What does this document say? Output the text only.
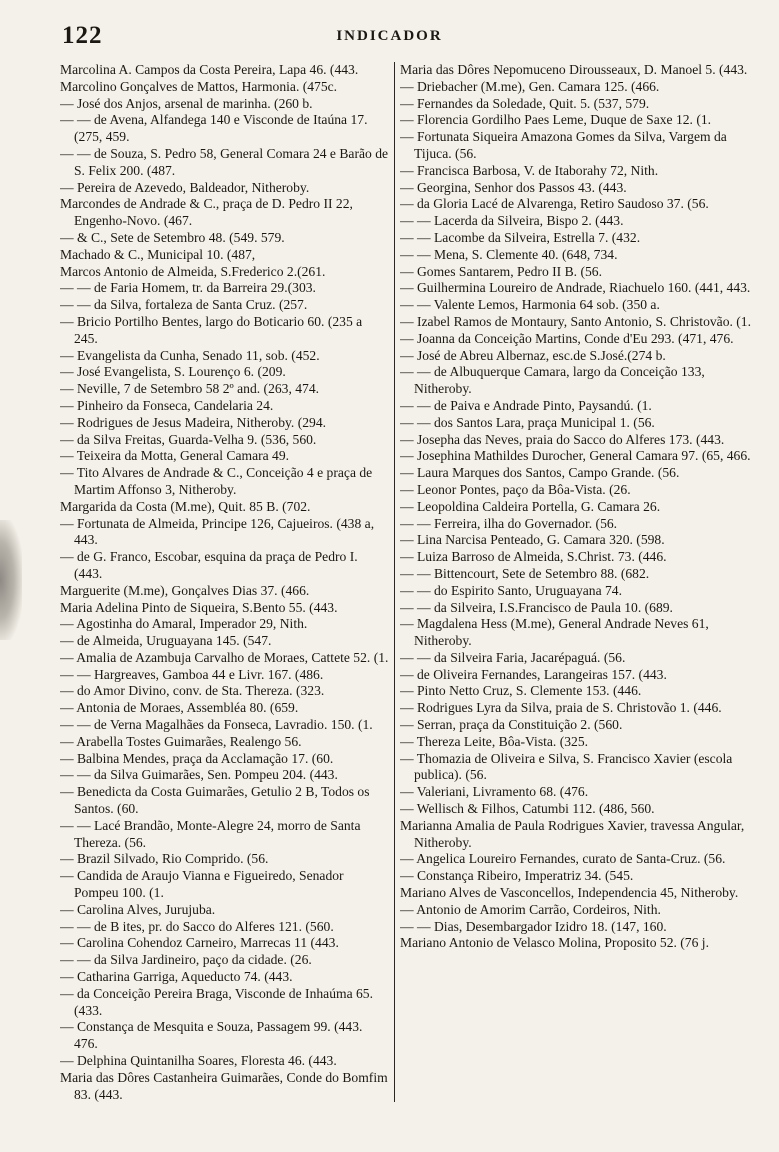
122	INDICADOR
Marcolina A. Campos da Costa Pereira, Lapa 46. (443.
Marcolino Gonçalves de Mattos, Harmonia. (475c.
— José dos Anjos, arsenal de marinha. (260 b.
— — de Avena, Alfandega 140 e Visconde de Itaúna 17. (275, 459.
— — de Souza, S. Pedro 58, General Comara 24 e Barão de S. Felix 200. (487.
— Pereira de Azevedo, Baldeador, Nitheroby.
Marcondes de Andrade & C., praça de D. Pedro II 22, Engenho-Novo. (467.
— & C., Sete de Setembro 48. (549. 579.
Machado & C., Municipal 10. (487,
Marcos Antonio de Almeida, S.Frederico 2.(261.
— — de Faria Homem, tr. da Barreira 29.(303.
— — da Silva, fortaleza de Santa Cruz. (257.
— Bricio Portilho Bentes, largo do Boticario 60. (235 a 245.
— Evangelista da Cunha, Senado 11, sob. (452.
— José Evangelista, S. Lourenço 6. (209.
— Neville, 7 de Setembro 58 2º and. (263, 474.
— Pinheiro da Fonseca, Candelaria 24.
— Rodrigues de Jesus Madeira, Nitheroby. (294.
— da Silva Freitas, Guarda-Velha 9. (536, 560.
— Teixeira da Motta, General Camara 49.
— Tito Alvares de Andrade & C., Conceição 4 e praça de Martim Affonso 3, Nitheroby.
Margarida da Costa (M.me), Quit. 85 B. (702.
— Fortunata de Almeida, Principe 126, Cajueiros. (438 a, 443.
— de G. Franco, Escobar, esquina da praça de Pedro I. (443.
Marguerite (M.me), Gonçalves Dias 37. (466.
Maria Adelina Pinto de Siqueira, S.Bento 55. (443.
— Agostinha do Amaral, Imperador 29, Nith.
— de Almeida, Uruguayana 145. (547.
— Amalia de Azambuja Carvalho de Moraes, Cattete 52. (1.
— — Hargreaves, Gamboa 44 e Livr. 167. (486.
— do Amor Divino, conv. de Sta. Thereza. (323.
— Antonia de Moraes, Assembléa 80. (659.
— — de Verna Magalhães da Fonseca, Lavradio. 150. (1.
— Arabella Tostes Guimarães, Realengo 56.
— Balbina Mendes, praça da Acclamação 17. (60.
— — da Silva Guimarães, Sen. Pompeu 204. (443.
— Benedicta da Costa Guimarães, Getulio 2 B, Todos os Santos. (60.
— — Lacé Brandão, Monte-Alegre 24, morro de Santa Thereza. (56.
— Brazil Silvado, Rio Comprido. (56.
— Candida de Araujo Vianna e Figueiredo, Senador Pompeu 100. (1.
— Carolina Alves, Jurujuba.
— — de B ites, pr. do Sacco do Alferes 121. (560.
— Carolina Cohendoz Carneiro, Marrecas 11 (443.
— — da Silva Jardineiro, paço da cidade. (26.
— Catharina Garriga, Aqueducto 74. (443.
— da Conceição Pereira Braga, Visconde de Inhaúma 65. (433.
— Constança de Mesquita e Souza, Passagem 99. (443. 476.
— Delphina Quintanilha Soares, Floresta 46. (443.
Maria das Dôres Castanheira Guimarães, Conde do Bomfim 83. (443.
Maria das Dôres Nepomuceno Dirousseaux, D. Manoel 5. (443.
— Driebacher (M.me), Gen. Camara 125. (466.
— Fernandes da Soledade, Quit. 5. (537, 579.
— Florencia Gordilho Paes Leme, Duque de Saxe 12. (1.
— Fortunata Siqueira Amazona Gomes da Silva, Vargem da Tijuca. (56.
— Francisca Barbosa, V. de Itaborahy 72, Nith.
— Georgina, Senhor dos Passos 43. (443.
— da Gloria Lacé de Alvarenga, Retiro Saudoso 37. (56.
— — Lacerda da Silveira, Bispo 2. (443.
— — Lacombe da Silveira, Estrella 7. (432.
— — Mena, S. Clemente 40. (648, 734.
— Gomes Santarem, Pedro II B. (56.
— Guilhermina Loureiro de Andrade, Riachuelo 160. (441, 443.
— — Valente Lemos, Harmonia 64 sob. (350 a.
— Izabel Ramos de Montaury, Santo Antonio, S. Christovão. (1.
— Joanna da Conceição Martins, Conde d'Eu 293. (471, 476.
— José de Abreu Albernaz, esc.de S.José.(274 b.
— — de Albuquerque Camara, largo da Conceição 133, Nitheroby.
— — de Paiva e Andrade Pinto, Paysandú. (1.
— — dos Santos Lara, praça Municipal 1. (56.
— Josepha das Neves, praia do Sacco do Alferes 173. (443.
— Josephina Mathildes Durocher, General Camara 97. (65, 466.
— Laura Marques dos Santos, Campo Grande. (56.
— Leonor Pontes, paço da Bôa-Vista. (26.
— Leopoldina Caldeira Portella, G. Camara 26.
— — Ferreira, ilha do Governador. (56.
— Lina Narcisa Penteado, G. Camara 320. (598.
— Luiza Barroso de Almeida, S.Christ. 73. (446.
— — Bittencourt, Sete de Setembro 88. (682.
— — do Espirito Santo, Uruguayana 74.
— — da Silveira, I.S.Francisco de Paula 10. (689.
— Magdalena Hess (M.me), General Andrade Neves 61, Nitheroby.
— — da Silveira Faria, Jacarépaguá. (56.
— de Oliveira Fernandes, Larangeiras 157. (443.
— Pinto Netto Cruz, S. Clemente 153. (446.
— Rodrigues Lyra da Silva, praia de S. Christovão 1. (446.
— Serran, praça da Constituição 2. (560.
— Thereza Leite, Bôa-Vista. (325.
— Thomazia de Oliveira e Silva, S. Francisco Xavier (escola publica). (56.
— Valeriani, Livramento 68. (476.
— Wellisch & Filhos, Catumbi 112. (486, 560.
Marianna Amalia de Paula Rodrigues Xavier, travessa Angular, Nitheroby.
— Angelica Loureiro Fernandes, curato de Santa-Cruz. (56.
— Constança Ribeiro, Imperatriz 34. (545.
Mariano Alves de Vasconcellos, Independencia 45, Nitheroby.
— Antonio de Amorim Carrão, Cordeiros, Nith.
— — Dias, Desembargador Izidro 18. (147, 160.
Mariano Antonio de Velasco Molina, Proposito 52. (76 j.
